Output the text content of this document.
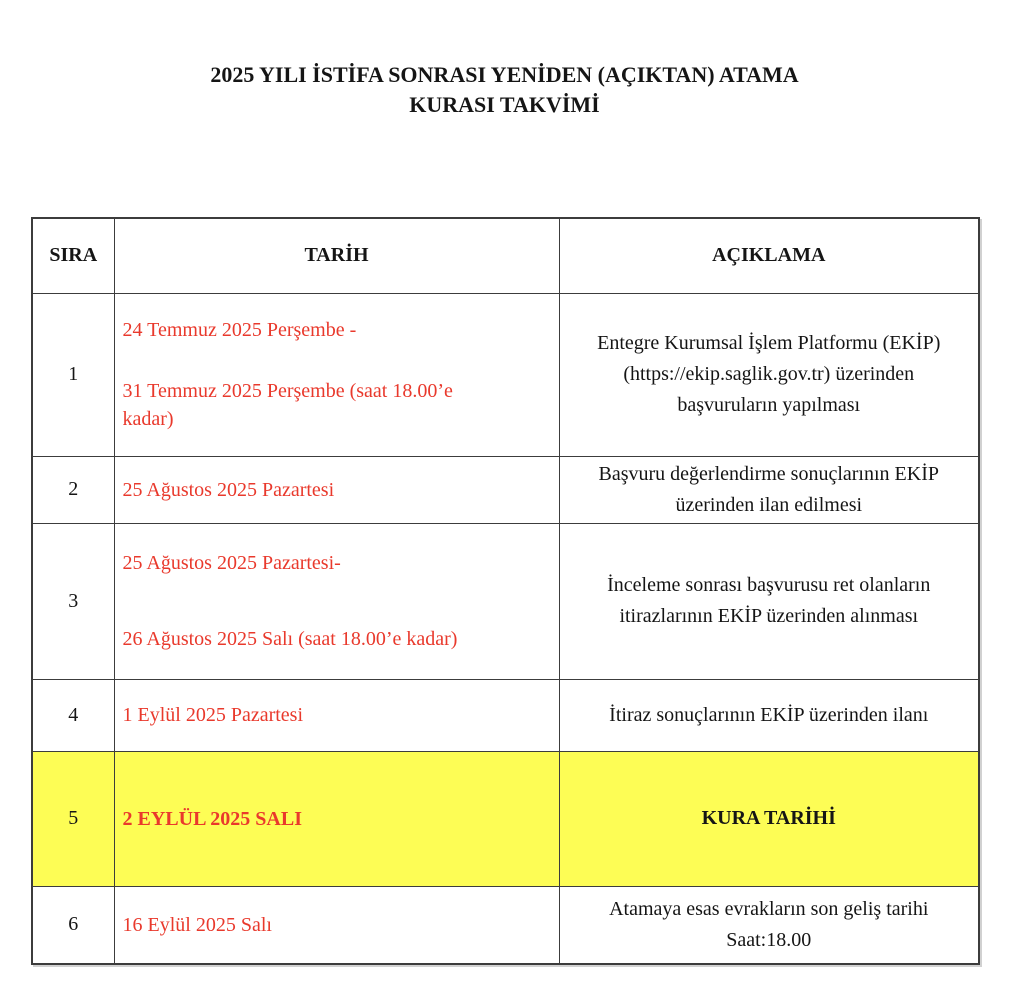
2025 YILI İSTİFA SONRASI YENİDEN (AÇIKTAN) ATAMA
KURASI TAKVİMİ
SIRA	TARİH	AÇIKLAMA
1	24 Temmuz 2025 Perşembe -
31 Temmuz 2025 Perşembe (saat 18.00’e
kadar)	Entegre Kurumsal İşlem Platformu (EKİP)
(https://ekip.saglik.gov.tr) üzerinden
başvuruların yapılması

2	25 Ağustos 2025 Pazartesi	Başvuru değerlendirme sonuçlarının EKİP
üzerinden ilan edilmesi

3	25 Ağustos 2025 Pazartesi-
26 Ağustos 2025 Salı (saat 18.00’e kadar)	İnceleme sonrası başvurusu ret olanların
itirazlarının EKİP üzerinden alınması

4	1 Eylül 2025 Pazartesi	İtiraz sonuçlarının EKİP üzerinden ilanı

5	2 EYLÜL 2025 SALI	KURA TARİHİ

6	16 Eylül 2025 Salı	Atamaya esas evrakların son geliş tarihi
Saat:18.00
